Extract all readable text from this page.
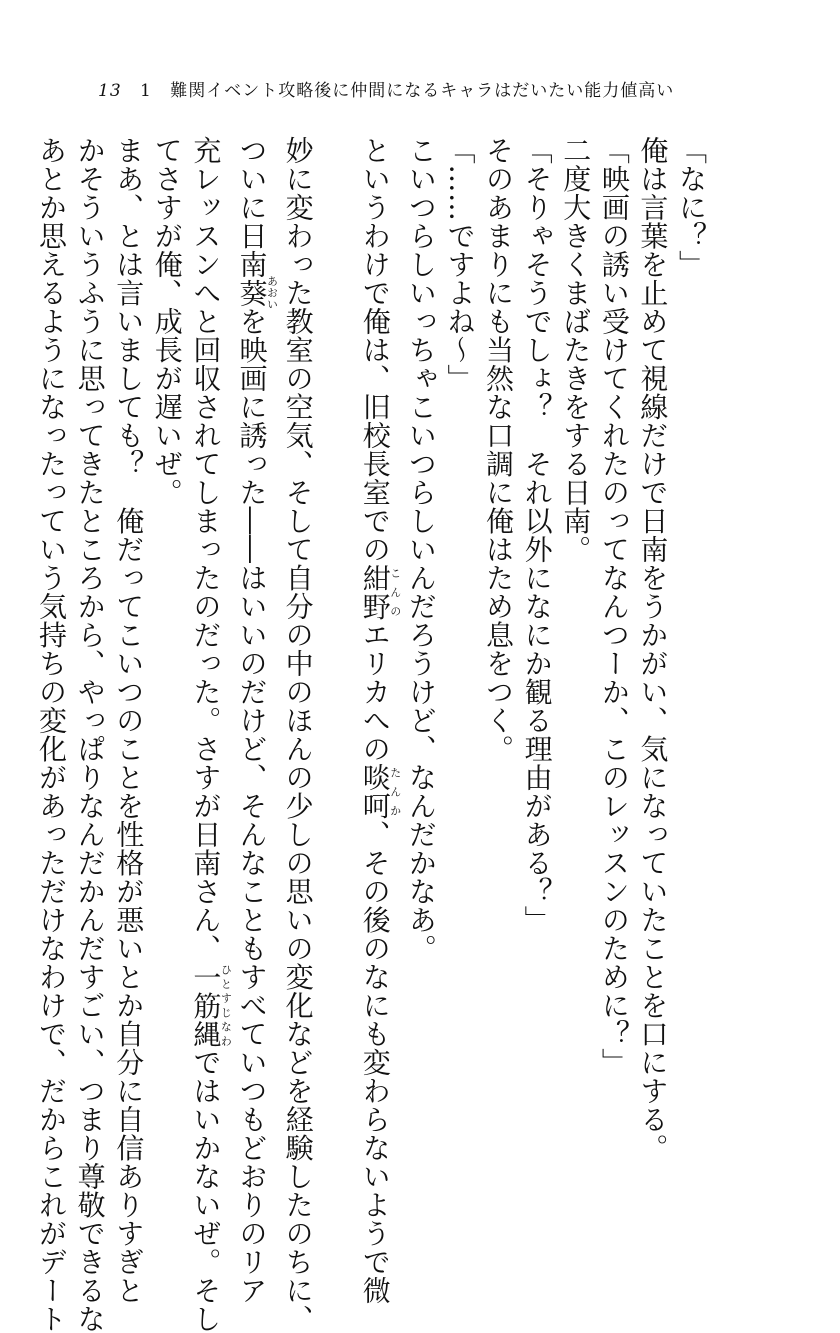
13 1 難関イベント攻略後に仲間になるキャラはだいたい能力値高い
「なに？」
俺は言葉を止めて視線だけで日南をうかがい、気になっていたことを口にする。
「映画の誘い受けてくれたのってなんつーか、このレッスンのために？」
二度大きくまばたきをする日南。
「そりゃそうでしょ？　それ以外になにか観る理由がある？」
そのあまりにも当然な口調に俺はため息をつく。
「……ですよね～」
こいつらしいっちゃこいつらしいんだろうけど、なんだかなあ。
というわけで俺は、旧校長室での紺野こんのエリカへの啖呵たんか、その後のなにも変わらないようで微
妙に変わった教室の空気、そして自分の中のほんの少しの思いの変化などを経験したのちに、
ついに日南葵あおいを映画に誘った――はいいのだけど、そんなこともすべていつもどおりのリア
充レッスンへと回収されてしまったのだった。さすが日南さん、一筋縄ひとすじなわではいかないぜ。そし
てさすが俺、成長が遅いぜ。
まあ、とは言いましても？　俺だってこいつのことを性格が悪いとか自分に自信ありすぎと
かそういうふうに思ってきたところから、やっぱりなんだかんだすごい、つまり尊敬できるな
あとか思えるようになったっていう気持ちの変化があっただけなわけで、だからこれがデート
